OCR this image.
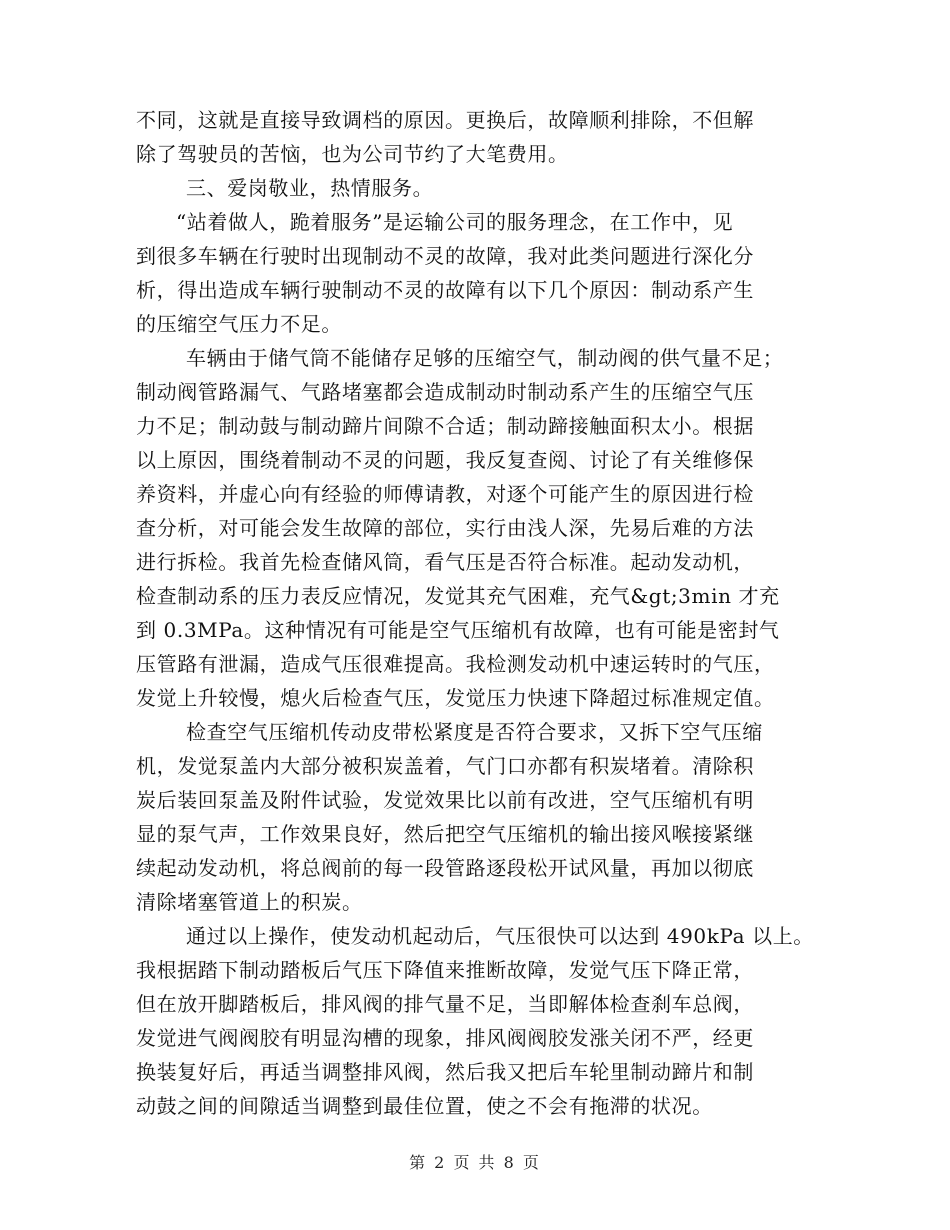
不同，这就是直接导致调档的原因。更换后，故障顺利排除，不但解
除了驾驶员的苦恼，也为公司节约了大笔费用。
三、爱岗敬业，热情服务。
“站着做人，跪着服务”是运输公司的服务理念，在工作中，见
到很多车辆在行驶时出现制动不灵的故障，我对此类问题进行深化分
析，得出造成车辆行驶制动不灵的故障有以下几个原因：制动系产生
的压缩空气压力不足。
车辆由于储气筒不能储存足够的压缩空气，制动阀的供气量不足；
制动阀管路漏气、气路堵塞都会造成制动时制动系产生的压缩空气压
力不足；制动鼓与制动蹄片间隙不合适；制动蹄接触面积太小。根据
以上原因，围绕着制动不灵的问题，我反复查阅、讨论了有关维修保
养资料，并虚心向有经验的师傅请教，对逐个可能产生的原因进行检
查分析，对可能会发生故障的部位，实行由浅人深，先易后难的方法
进行拆检。我首先检查储风筒，看气压是否符合标准。起动发动机，
检查制动系的压力表反应情况，发觉其充气困难，充气&gt;3min 才充
到 0.3MPa。这种情况有可能是空气压缩机有故障，也有可能是密封气
压管路有泄漏，造成气压很难提高。我检测发动机中速运转时的气压，
发觉上升较慢，熄火后检查气压，发觉压力快速下降超过标准规定值。
检查空气压缩机传动皮带松紧度是否符合要求，又拆下空气压缩
机，发觉泵盖内大部分被积炭盖着，气门口亦都有积炭堵着。清除积
炭后装回泵盖及附件试验，发觉效果比以前有改进，空气压缩机有明
显的泵气声，工作效果良好，然后把空气压缩机的输出接风喉接紧继
续起动发动机，将总阀前的每一段管路逐段松开试风量，再加以彻底
清除堵塞管道上的积炭。
通过以上操作，使发动机起动后，气压很快可以达到 490kPa 以上。
我根据踏下制动踏板后气压下降值来推断故障，发觉气压下降正常，
但在放开脚踏板后，排风阀的排气量不足，当即解体检查刹车总阀，
发觉进气阀阀胶有明显沟槽的现象，排风阀阀胶发涨关闭不严，经更
换装复好后，再适当调整排风阀，然后我又把后车轮里制动蹄片和制
动鼓之间的间隙适当调整到最佳位置，使之不会有拖滞的状况。
第 2 页 共 8 页
